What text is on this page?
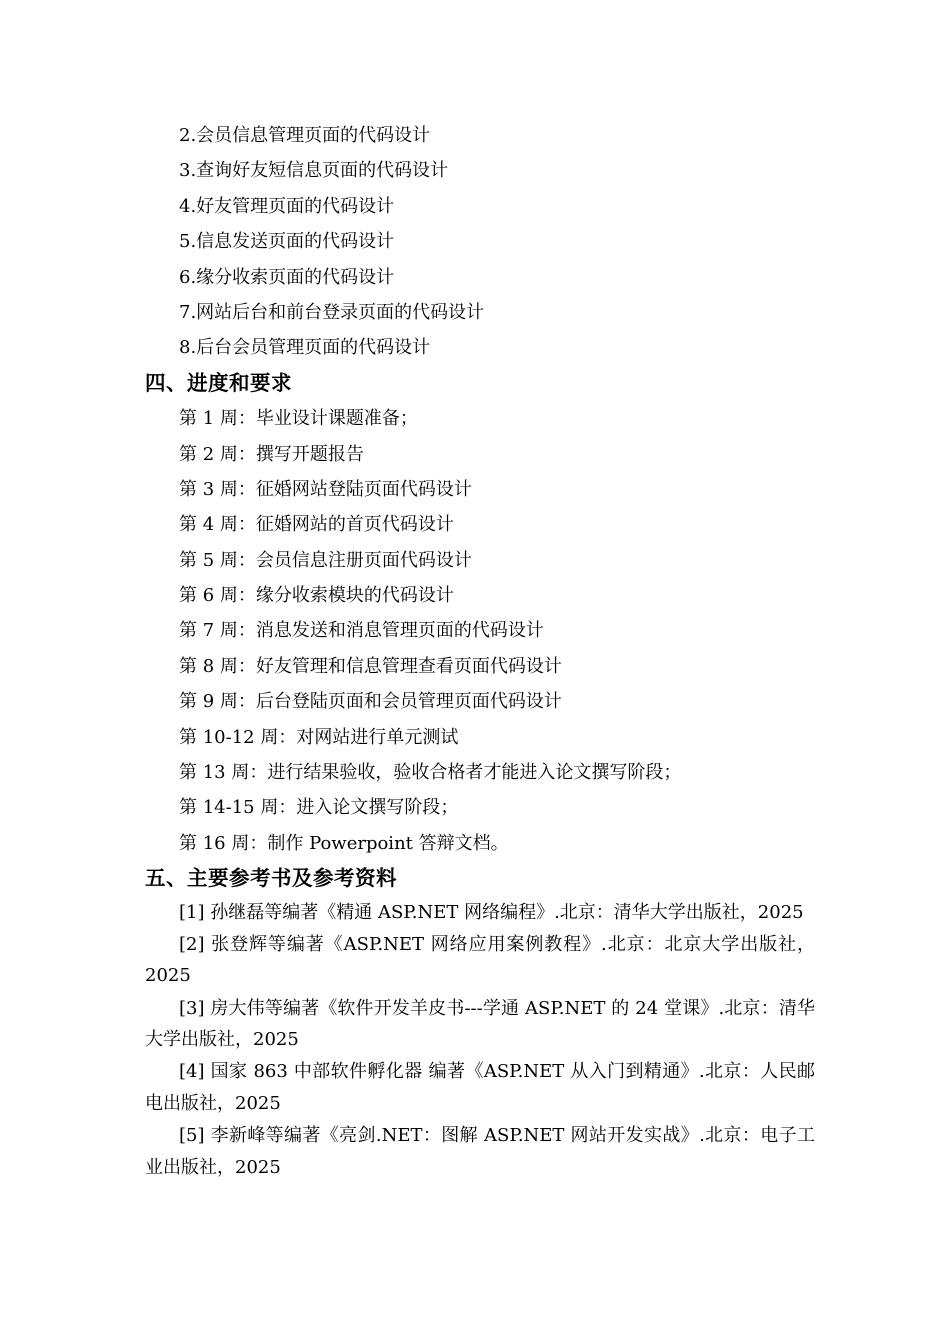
2.会员信息管理页面的代码设计
3.查询好友短信息页面的代码设计
4.好友管理页面的代码设计
5.信息发送页面的代码设计
6.缘分收索页面的代码设计
7.网站后台和前台登录页面的代码设计
8.后台会员管理页面的代码设计
四、进度和要求
第 1 周：毕业设计课题准备；
第 2 周：撰写开题报告
第 3 周：征婚网站登陆页面代码设计
第 4 周：征婚网站的首页代码设计
第 5 周：会员信息注册页面代码设计
第 6 周：缘分收索模块的代码设计
第 7 周：消息发送和消息管理页面的代码设计
第 8 周：好友管理和信息管理查看页面代码设计
第 9 周：后台登陆页面和会员管理页面代码设计
第 10-12 周：对网站进行单元测试
第 13 周：进行结果验收，验收合格者才能进入论文撰写阶段；
第 14-15 周：进入论文撰写阶段；
第 16 周：制作 Powerpoint 答辩文档。
五、主要参考书及参考资料
[1] 孙继磊等编著《精通 ASP.NET 网络编程》.北京：清华大学出版社，2025
[2] 张登辉等编著《ASP.NET 网络应用案例教程》.北京：北京大学出版社，2025
[3] 房大伟等编著《软件开发羊皮书---学通 ASP.NET 的 24 堂课》.北京：清华大学出版社，2025
[4] 国家 863 中部软件孵化器 编著《ASP.NET 从入门到精通》.北京：人民邮电出版社，2025
[5] 李新峰等编著《亮剑.NET：图解 ASP.NET 网站开发实战》.北京：电子工业出版社，2025
